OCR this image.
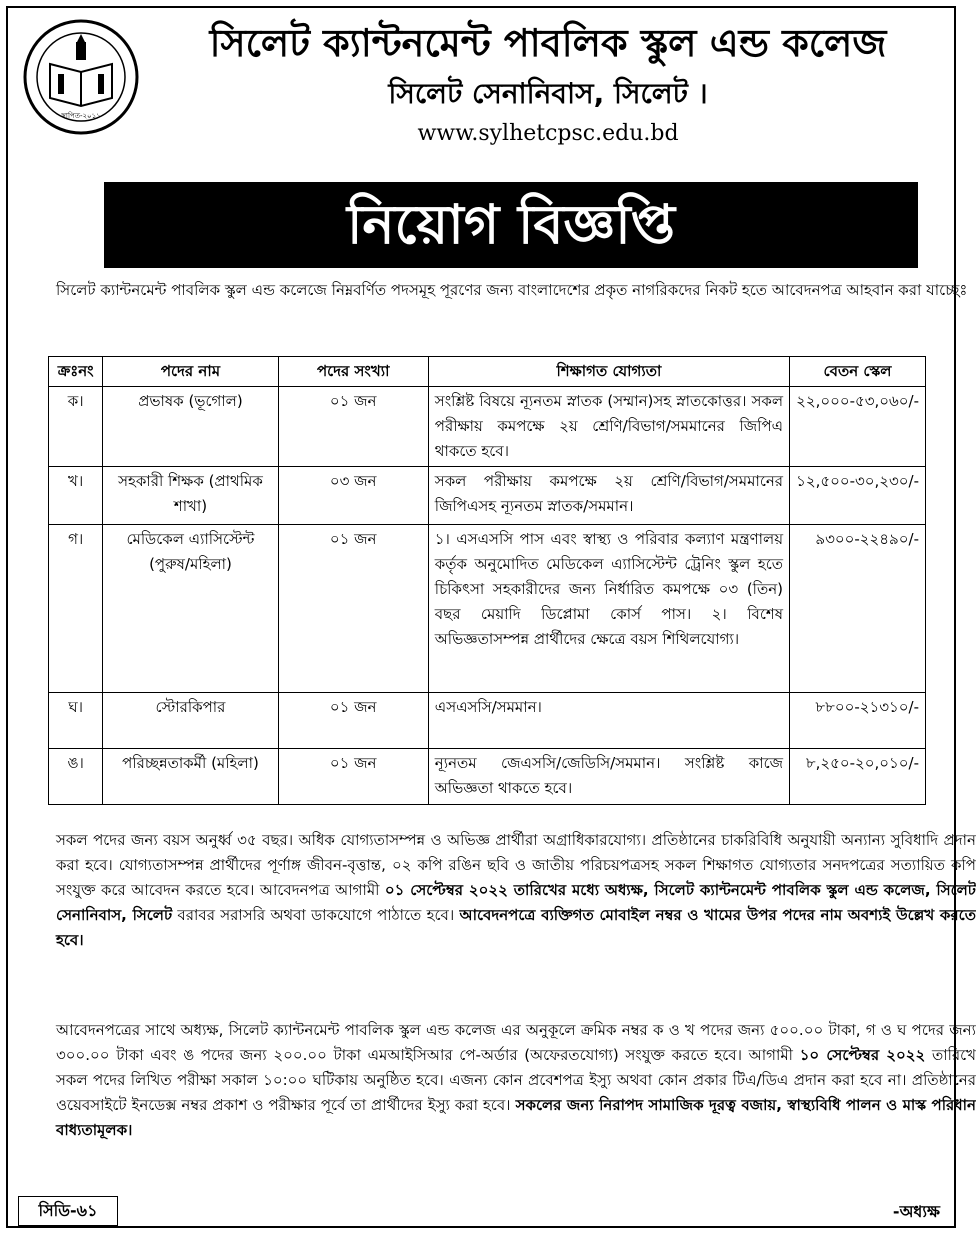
স্থাপিত-২০১১
সিলেট ক্যান্টনমেন্ট পাবলিক স্কুল এন্ড কলেজ
সিলেট সেনানিবাস, সিলেট ।
www.sylhetcpsc.edu.bd
নিয়োগ বিজ্ঞপ্তি
সিলেট ক্যান্টনমেন্ট পাবলিক স্কুল এন্ড কলেজে নিম্নবর্ণিত পদসমূহ পূরণের জন্য বাংলাদেশের প্রকৃত নাগরিকদের নিকট হতে আবেদনপত্র আহবান করা যাচ্ছেঃ
ক্রঃনং	পদের নাম	পদের সংখ্যা	শিক্ষাগত যোগ্যতা	বেতন স্কেল
ক।	প্রভাষক (ভূগোল)	০১ জন	সংশ্লিষ্ট বিষয়ে ন্যূনতম স্নাতক (সম্মান)সহ স্নাতকোত্তর। সকল পরীক্ষায় কমপক্ষে ২য় শ্রেণি/বিভাগ/সমমানের জিপিএ থাকতে হবে।	২২,০০০-৫৩,০৬০/-
খ।	সহকারী শিক্ষক (প্রাথমিক শাখা)	০৩ জন	সকল পরীক্ষায় কমপক্ষে ২য় শ্রেণি/বিভাগ/সমমানের জিপিএসহ ন্যূনতম স্নাতক/সমমান।	১২,৫০০-৩০,২৩০/-
গ।	মেডিকেল এ্যাসিস্টেন্ট (পুরুষ/মহিলা)	০১ জন	১। এসএসসি পাস এবং স্বাস্থ্য ও পরিবার কল্যাণ মন্ত্রণালয় কর্তৃক অনুমোদিত মেডিকেল এ্যাসিস্টেন্ট ট্রেনিং স্কুল হতে চিকিৎসা সহকারীদের জন্য নির্ধারিত কমপক্ষে ০৩ (তিন) বছর মেয়াদি ডিপ্লোমা কোর্স পাস। ২। বিশেষ অভিজ্ঞতাসম্পন্ন প্রার্থীদের ক্ষেত্রে বয়স শিথিলযোগ্য।	৯৩০০-২২৪৯০/-
ঘ।	স্টোরকিপার	০১ জন	এসএসসি/সমমান।	৮৮০০-২১৩১০/-
ঙ।	পরিচ্ছন্নতাকর্মী (মহিলা)	০১ জন	ন্যূনতম জেএসসি/জেডিসি/সমমান। সংশ্লিষ্ট কাজে অভিজ্ঞতা থাকতে হবে।	৮,২৫০-২০,০১০/-
সকল পদের জন্য বয়স অনুর্ধ্ব ৩৫ বছর। অধিক যোগ্যতাসম্পন্ন ও অভিজ্ঞ প্রার্থীরা অগ্রাধিকারযোগ্য। প্রতিষ্ঠানের চাকরিবিধি অনুযায়ী অন্যান্য সুবিধাদি প্রদান করা হবে। যোগ্যতাসম্পন্ন প্রার্থীদের পূর্ণাঙ্গ জীবন-বৃত্তান্ত, ০২ কপি রঙিন ছবি ও জাতীয় পরিচয়পত্রসহ সকল শিক্ষাগত যোগ্যতার সনদপত্রের সত্যায়িত কপি সংযুক্ত করে আবেদন করতে হবে। আবেদনপত্র আগামী ০১ সেপ্টেম্বর ২০২২ তারিখের মধ্যে অধ্যক্ষ, সিলেট ক্যান্টনমেন্ট পাবলিক স্কুল এন্ড কলেজ, সিলেট সেনানিবাস, সিলেট বরাবর সরাসরি অথবা ডাকযোগে পাঠাতে হবে। আবেদনপত্রে ব্যক্তিগত মোবাইল নম্বর ও খামের উপর পদের নাম অবশ্যই উল্লেখ করতে হবে।
আবেদনপত্রের সাথে অধ্যক্ষ, সিলেট ক্যান্টনমেন্ট পাবলিক স্কুল এন্ড কলেজ এর অনুকূলে ক্রমিক নম্বর ক ও খ পদের জন্য ৫০০.০০ টাকা, গ ও ঘ পদের জন্য ৩০০.০০ টাকা এবং ঙ পদের জন্য ২০০.০০ টাকা এমআইসিআর পে-অর্ডার (অফেরতযোগ্য) সংযুক্ত করতে হবে। আগামী ১০ সেপ্টেম্বর ২০২২ তারিখে সকল পদের লিখিত পরীক্ষা সকাল ১০:০০ ঘটিকায় অনুষ্ঠিত হবে। এজন্য কোন প্রবেশপত্র ইস্যু অথবা কোন প্রকার টিএ/ডিএ প্রদান করা হবে না। প্রতিষ্ঠানের ওয়েবসাইটে ইনডেক্স নম্বর প্রকাশ ও পরীক্ষার পূর্বে তা প্রার্থীদের ইস্যু করা হবে। সকলের জন্য নিরাপদ সামাজিক দূরত্ব বজায়, স্বাস্থ্যবিধি পালন ও মাস্ক পরিধান বাধ্যতামূলক।
সিডি-৬১	-অধ্যক্ষ
